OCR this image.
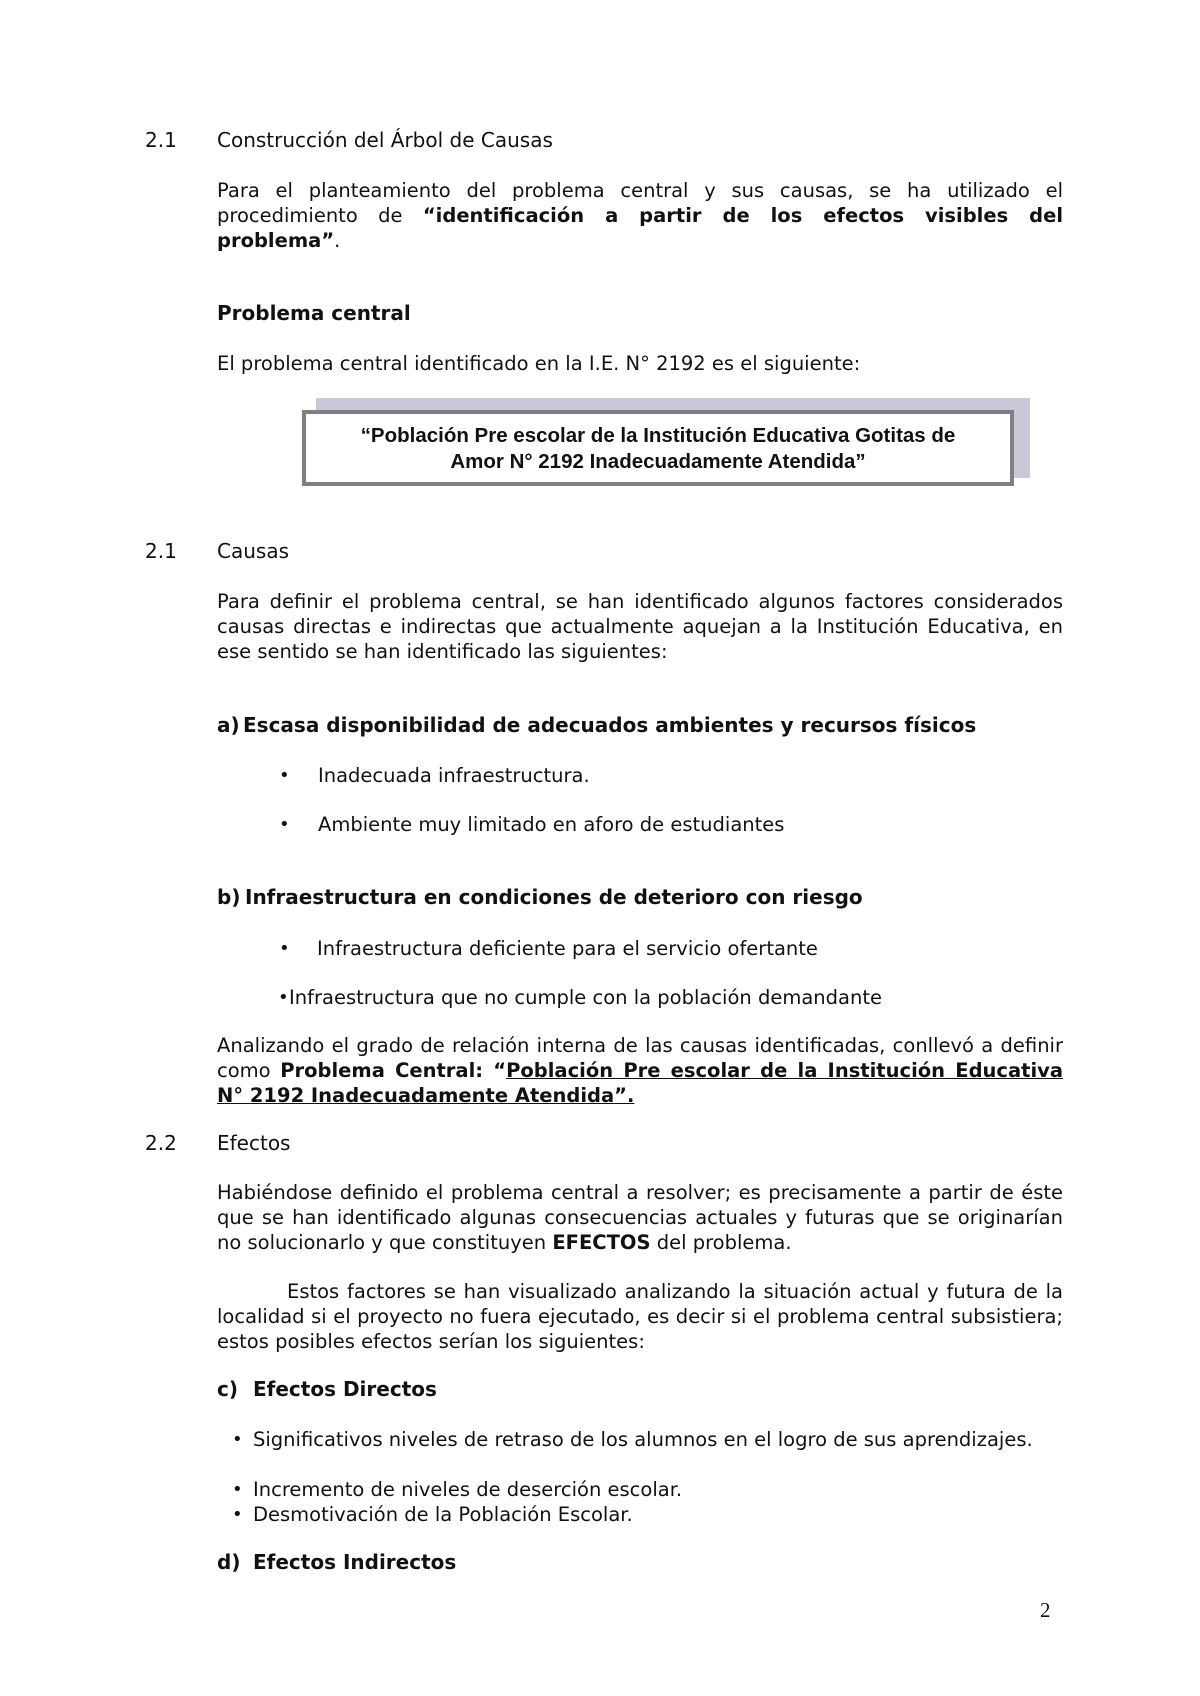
2.1 Construcción del Árbol de Causas
Para el planteamiento del problema central y sus causas, se ha utilizado el procedimiento de “identificación a partir de los efectos visibles del problema”.
Problema central
El problema central identificado en la I.E. N° 2192 es el siguiente:
“Población Pre escolar de la Institución Educativa Gotitas de
Amor N° 2192 Inadecuadamente Atendida”
2.1 Causas
Para definir el problema central, se han identificado algunos factores considerados causas directas e indirectas que actualmente aquejan a la Institución Educativa, en ese sentido se han identificado las siguientes:
a) Escasa disponibilidad de adecuados ambientes y recursos físicos
• Inadecuada infraestructura.
• Ambiente muy limitado en aforo de estudiantes
b) Infraestructura en condiciones de deterioro con riesgo
• Infraestructura deficiente para el servicio ofertante
• Infraestructura que no cumple con la población demandante
Analizando el grado de relación interna de las causas identificadas, conllevó a definir como Problema Central: “Población Pre escolar de la Institución Educativa N° 2192 Inadecuadamente Atendida”.
2.2 Efectos
Habiéndose definido el problema central a resolver; es precisamente a partir de éste que se han identificado algunas consecuencias actuales y futuras que se originarían no solucionarlo y que constituyen EFECTOS del problema.
Estos factores se han visualizado analizando la situación actual y futura de la localidad si el proyecto no fuera ejecutado, es decir si el problema central subsistiera; estos posibles efectos serían los siguientes:
c) Efectos Directos
• Significativos niveles de retraso de los alumnos en el logro de sus aprendizajes.
• Incremento de niveles de deserción escolar.
• Desmotivación de la Población Escolar.
d) Efectos Indirectos
2
